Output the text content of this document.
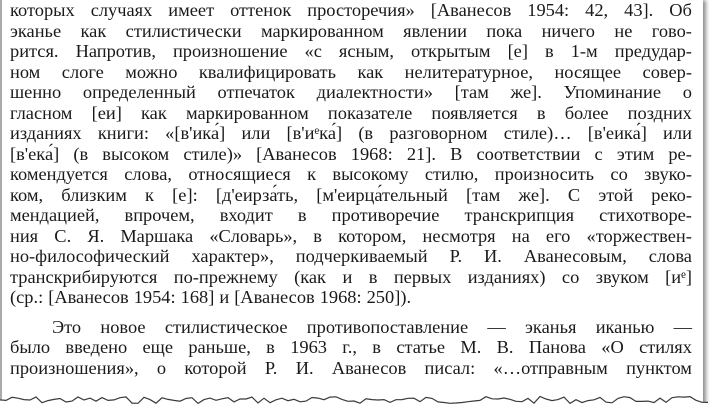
которых случаях имеет оттенок просторечия» [Аванесов 1954: 42, 43]. Об
эканье как стилистически маркированном явлении пока ничего не гово-
рится. Напротив, произношение «с ясным, открытым [е] в 1-м предудар-
ном слоге можно квалифицировать как нелитературное, носящее совер-
шенно определенный отпечаток диалектности» [там же]. Упоминание о
гласном [еи] как маркированном показателе появляется в более поздних
изданиях книги: «[в'ика́] или [в'иᵉка́] (в разговорном стиле)… [в'еика́] или
[в'ека́] (в высоком стиле)» [Аванесов 1968: 21]. В соответствии с этим ре-
комендуется слова, относящиеся к высокому стилю, произносить со звуко-
ком, близким к [е]: [д'еирза́ть, [м'еирца́тельный [там же]. С этой реко-
мендацией, впрочем, входит в противоречие транскрипция стихотворе-
ния С. Я. Маршака «Словарь», в котором, несмотря на его «торжествен-
но-философический характер», подчеркиваемый Р. И. Аванесовым, слова
транскрибируются по-прежнему (как и в первых изданиях) со звуком [иᵉ]
(ср.: [Аванесов 1954: 168] и [Аванесов 1968: 250]).
Это новое стилистическое противопоставление — эканья иканью —
было введено еще раньше, в 1963 г., в статье М. В. Панова «О стилях
произношения», о которой Р. И. Аванесов писал: «…отправным пунктом
